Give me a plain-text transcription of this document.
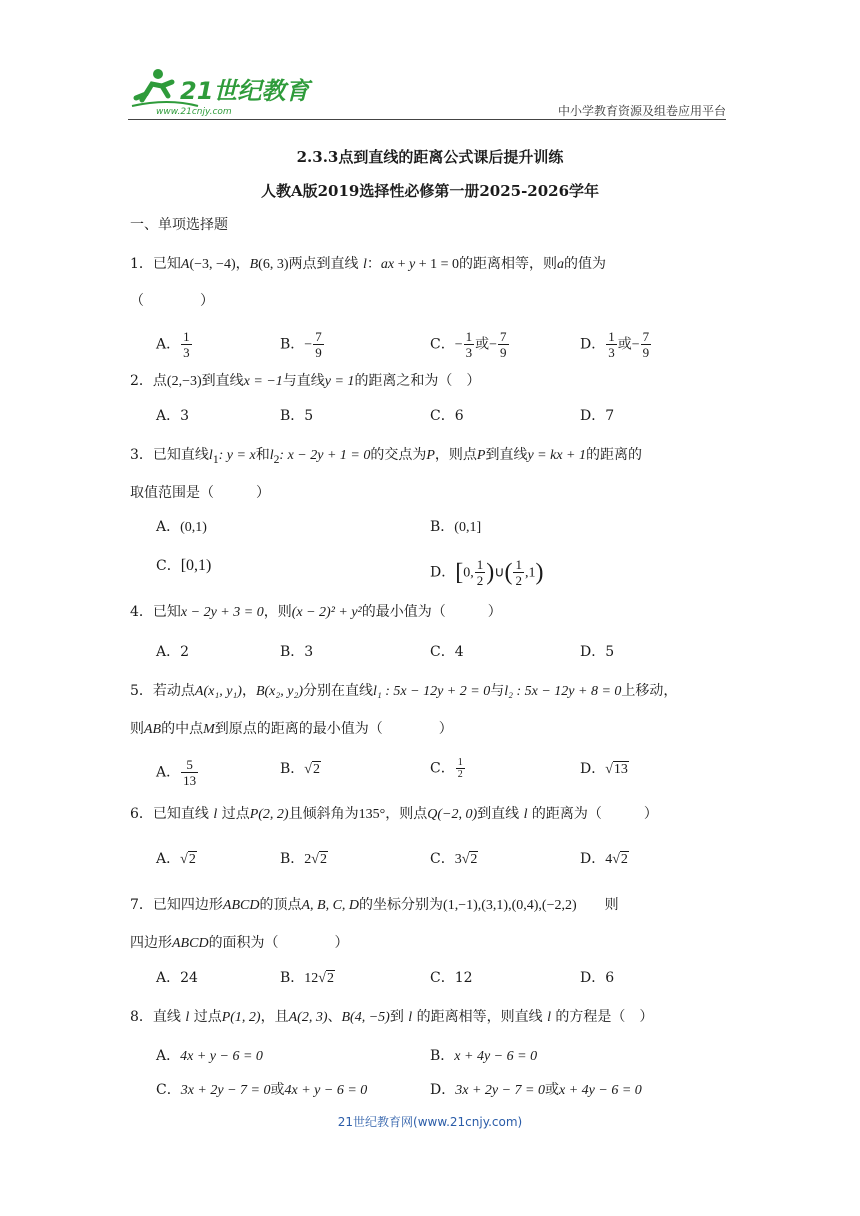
21世纪教育
www.21cnjy.com	中小学教育资源及组卷应用平台
2.3.3点到直线的距离公式课后提升训练
人教A版2019选择性必修第一册2025-2026学年
一、单项选择题
1．已知A(−3, −4)，B(6, 3)两点到直线 l：ax + y + 1 = 0的距离相等，则a的值为
（　　　　）
A． $\frac{1}{3}$	B．− $\frac{7}{9}$	C．− $\frac{1}{3}$ 或− $\frac{7}{9}$	D． $\frac{1}{3}$ 或− $\frac{7}{9}$
2．点(2,−3)到直线x = −1与直线y = 1的距离之和为（　）
A．3	B．5	C．6	D．7
3．已知直线$l_1$: y = x和$l_2$: x − 2y + 1 = 0的交点为P，则点P到直线y = kx + 1的距离的
取值范围是（　　　）
A．(0,1)	B．(0,1]
C．[0,1)	D．[0, $\frac{1}{2}$ )∪( $\frac{1}{2} ,1$)
4．已知x − 2y + 3 = 0，则(x − 2)² + y²的最小值为（　　　）
A．2	B．3	C．4	D．5
5．若动点A(x₁, y₁)，B(x₂, y₂)分别在直线l₁ : 5x − 12y + 2 = 0与l₂ : 5x − 12y + 8 = 0上移动，
则AB的中点M到原点的距离的最小值为（　　　　）
A． $\frac{5}{13}$	B．√2	C． $\frac{1}{2}$	D．√13
6．已知直线 l 过点P(2, 2)且倾斜角为135°，则点Q(−2, 0)到直线 l 的距离为（　　　）
A．√2	B．2√2	C．3√2	D．4√2
7．已知四边形ABCD的顶点A, B, C, D的坐标分别为(1,−1),(3,1),(0,4),(−2,2) 则
四边形ABCD的面积为（　　　　）
A．24	B．12√2	C．12	D．6
8．直线 l 过点P(1, 2)，且A(2, 3)、B(4, −5)到 l 的距离相等，则直线 l 的方程是（　）
A．4x + y − 6 = 0	B．x + 4y − 6 = 0
C．3x + 2y − 7 = 0或4x + y − 6 = 0	D．3x + 2y − 7 = 0或x + 4y − 6 = 0
21世纪教育网(www.21cnjy.com)
